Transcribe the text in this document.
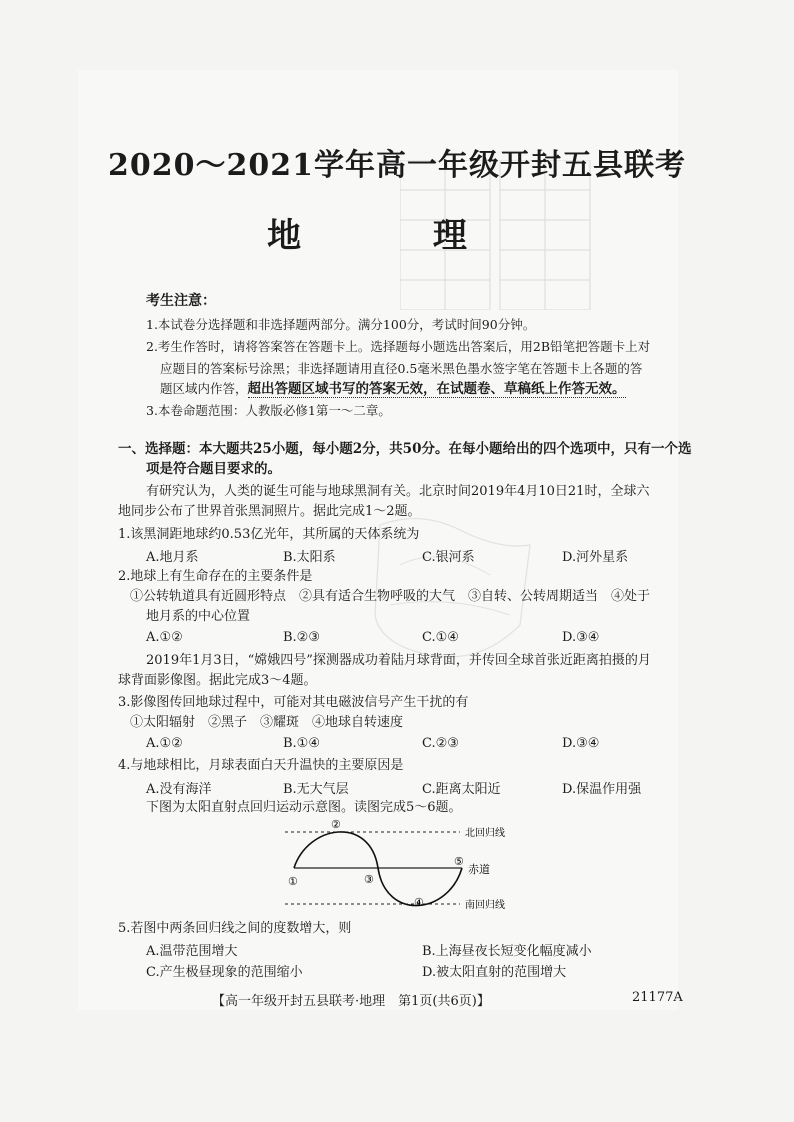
2020～2021学年高一年级开封五县联考
地 理
考生注意：
1.本试卷分选择题和非选择题两部分。满分100分，考试时间90分钟。
2.考生作答时，请将答案答在答题卡上。选择题每小题选出答案后，用2B铅笔把答题卡上对
应题目的答案标号涂黑；非选择题请用直径0.5毫米黑色墨水签字笔在答题卡上各题的答
题区域内作答，超出答题区域书写的答案无效，在试题卷、草稿纸上作答无效。
3.本卷命题范围：人教版必修1第一～二章。
一、选择题：本大题共25小题，每小题2分，共50分。在每小题给出的四个选项中，只有一个选
项是符合题目要求的。
有研究认为，人类的诞生可能与地球黑洞有关。北京时间2019年4月10日21时，全球六
地同步公布了世界首张黑洞照片。据此完成1～2题。
1.该黑洞距地球约0.53亿光年，其所属的天体系统为
A.地月系	B.太阳系	C.银河系	D.河外星系
2.地球上有生命存在的主要条件是
①公转轨道具有近圆形特点　②具有适合生物呼吸的大气　③自转、公转周期适当　④处于
地月系的中心位置
A.①②	B.②③	C.①④	D.③④
2019年1月3日，“嫦娥四号”探测器成功着陆月球背面，并传回全球首张近距离拍摄的月
球背面影像图。据此完成3～4题。
3.影像图传回地球过程中，可能对其电磁波信号产生干扰的有
①太阳辐射　②黑子　③耀斑　④地球自转速度
A.①②	B.①④	C.②③	D.③④
4.与地球相比，月球表面白天升温快的主要原因是
A.没有海洋	B.无大气层	C.距离太阳近	D.保温作用强
下图为太阳直射点回归运动示意图。读图完成5～6题。
北回归线
赤道
南回归线
①
②
③
④
⑤
5.若图中两条回归线之间的度数增大，则
A.温带范围增大	B.上海昼夜长短变化幅度减小
C.产生极昼现象的范围缩小	D.被太阳直射的范围增大
【高一年级开封五县联考·地理　第1页(共6页)】	21177A
